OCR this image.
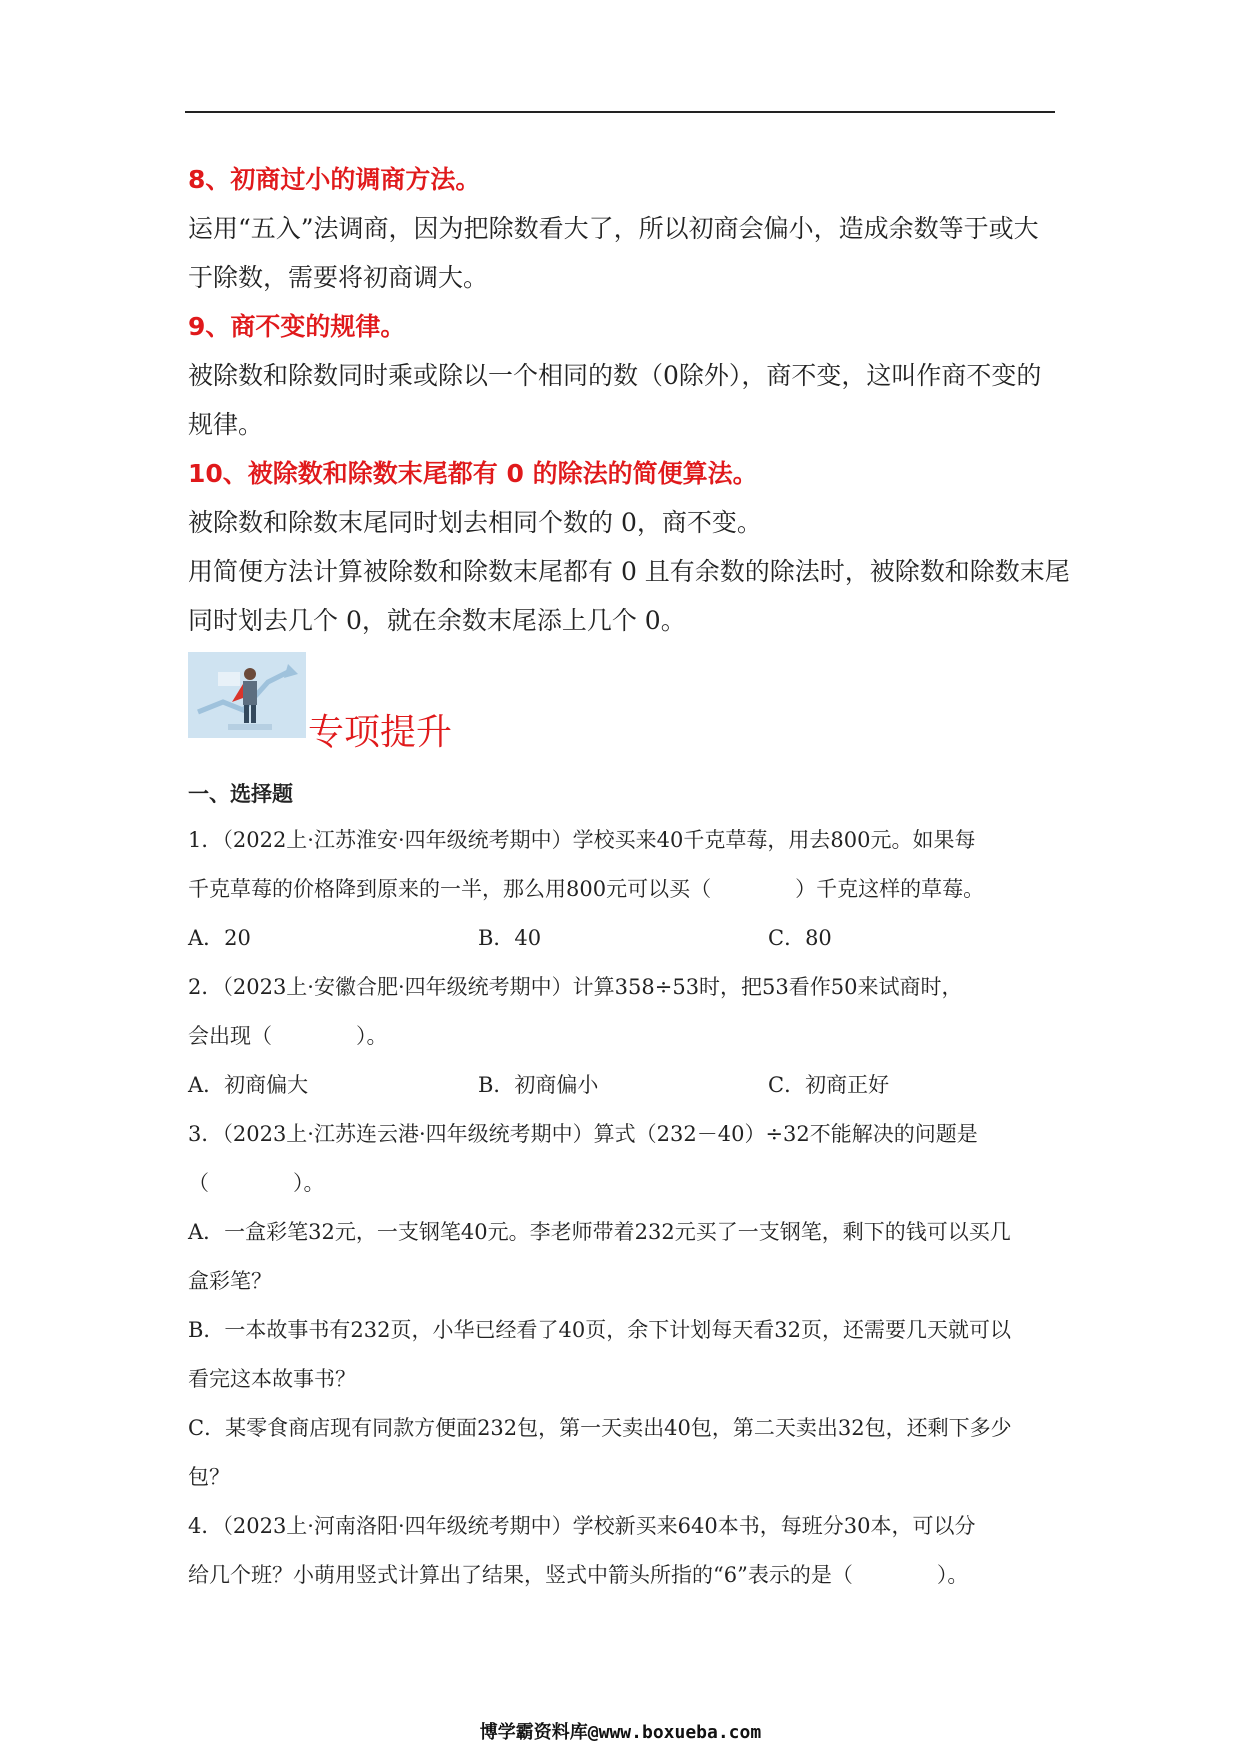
8、初商过小的调商方法。
运用“五入”法调商，因为把除数看大了，所以初商会偏小，造成余数等于或大
于除数，需要将初商调大。
9、商不变的规律。
被除数和除数同时乘或除以一个相同的数（0除外），商不变，这叫作商不变的
规律。
10、被除数和除数末尾都有 0 的除法的简便算法。
被除数和除数末尾同时划去相同个数的 0，商不变。
用简便方法计算被除数和除数末尾都有 0 且有余数的除法时，被除数和除数末尾
同时划去几个 0，就在余数末尾添上几个 0。
专项提升
一、选择题
1．（2022上·江苏淮安·四年级统考期中）学校买来40千克草莓，用去800元。如果每
千克草莓的价格降到原来的一半，那么用800元可以买（　　　　）千克这样的草莓。
A．20	B．40	C．80
2．（2023上·安徽合肥·四年级统考期中）计算358÷53时，把53看作50来试商时，
会出现（　　　　）。
A．初商偏大	B．初商偏小	C．初商正好
3．（2023上·江苏连云港·四年级统考期中）算式（232－40）÷32不能解决的问题是
（　　　　）。
A．一盒彩笔32元，一支钢笔40元。李老师带着232元买了一支钢笔，剩下的钱可以买几
盒彩笔？
B．一本故事书有232页，小华已经看了40页，余下计划每天看32页，还需要几天就可以
看完这本故事书？
C．某零食商店现有同款方便面232包，第一天卖出40包，第二天卖出32包，还剩下多少
包？
4．（2023上·河南洛阳·四年级统考期中）学校新买来640本书，每班分30本，可以分
给几个班？小萌用竖式计算出了结果，竖式中箭头所指的“6”表示的是（　　　　）。
博学霸资料库@www.boxueba.com
